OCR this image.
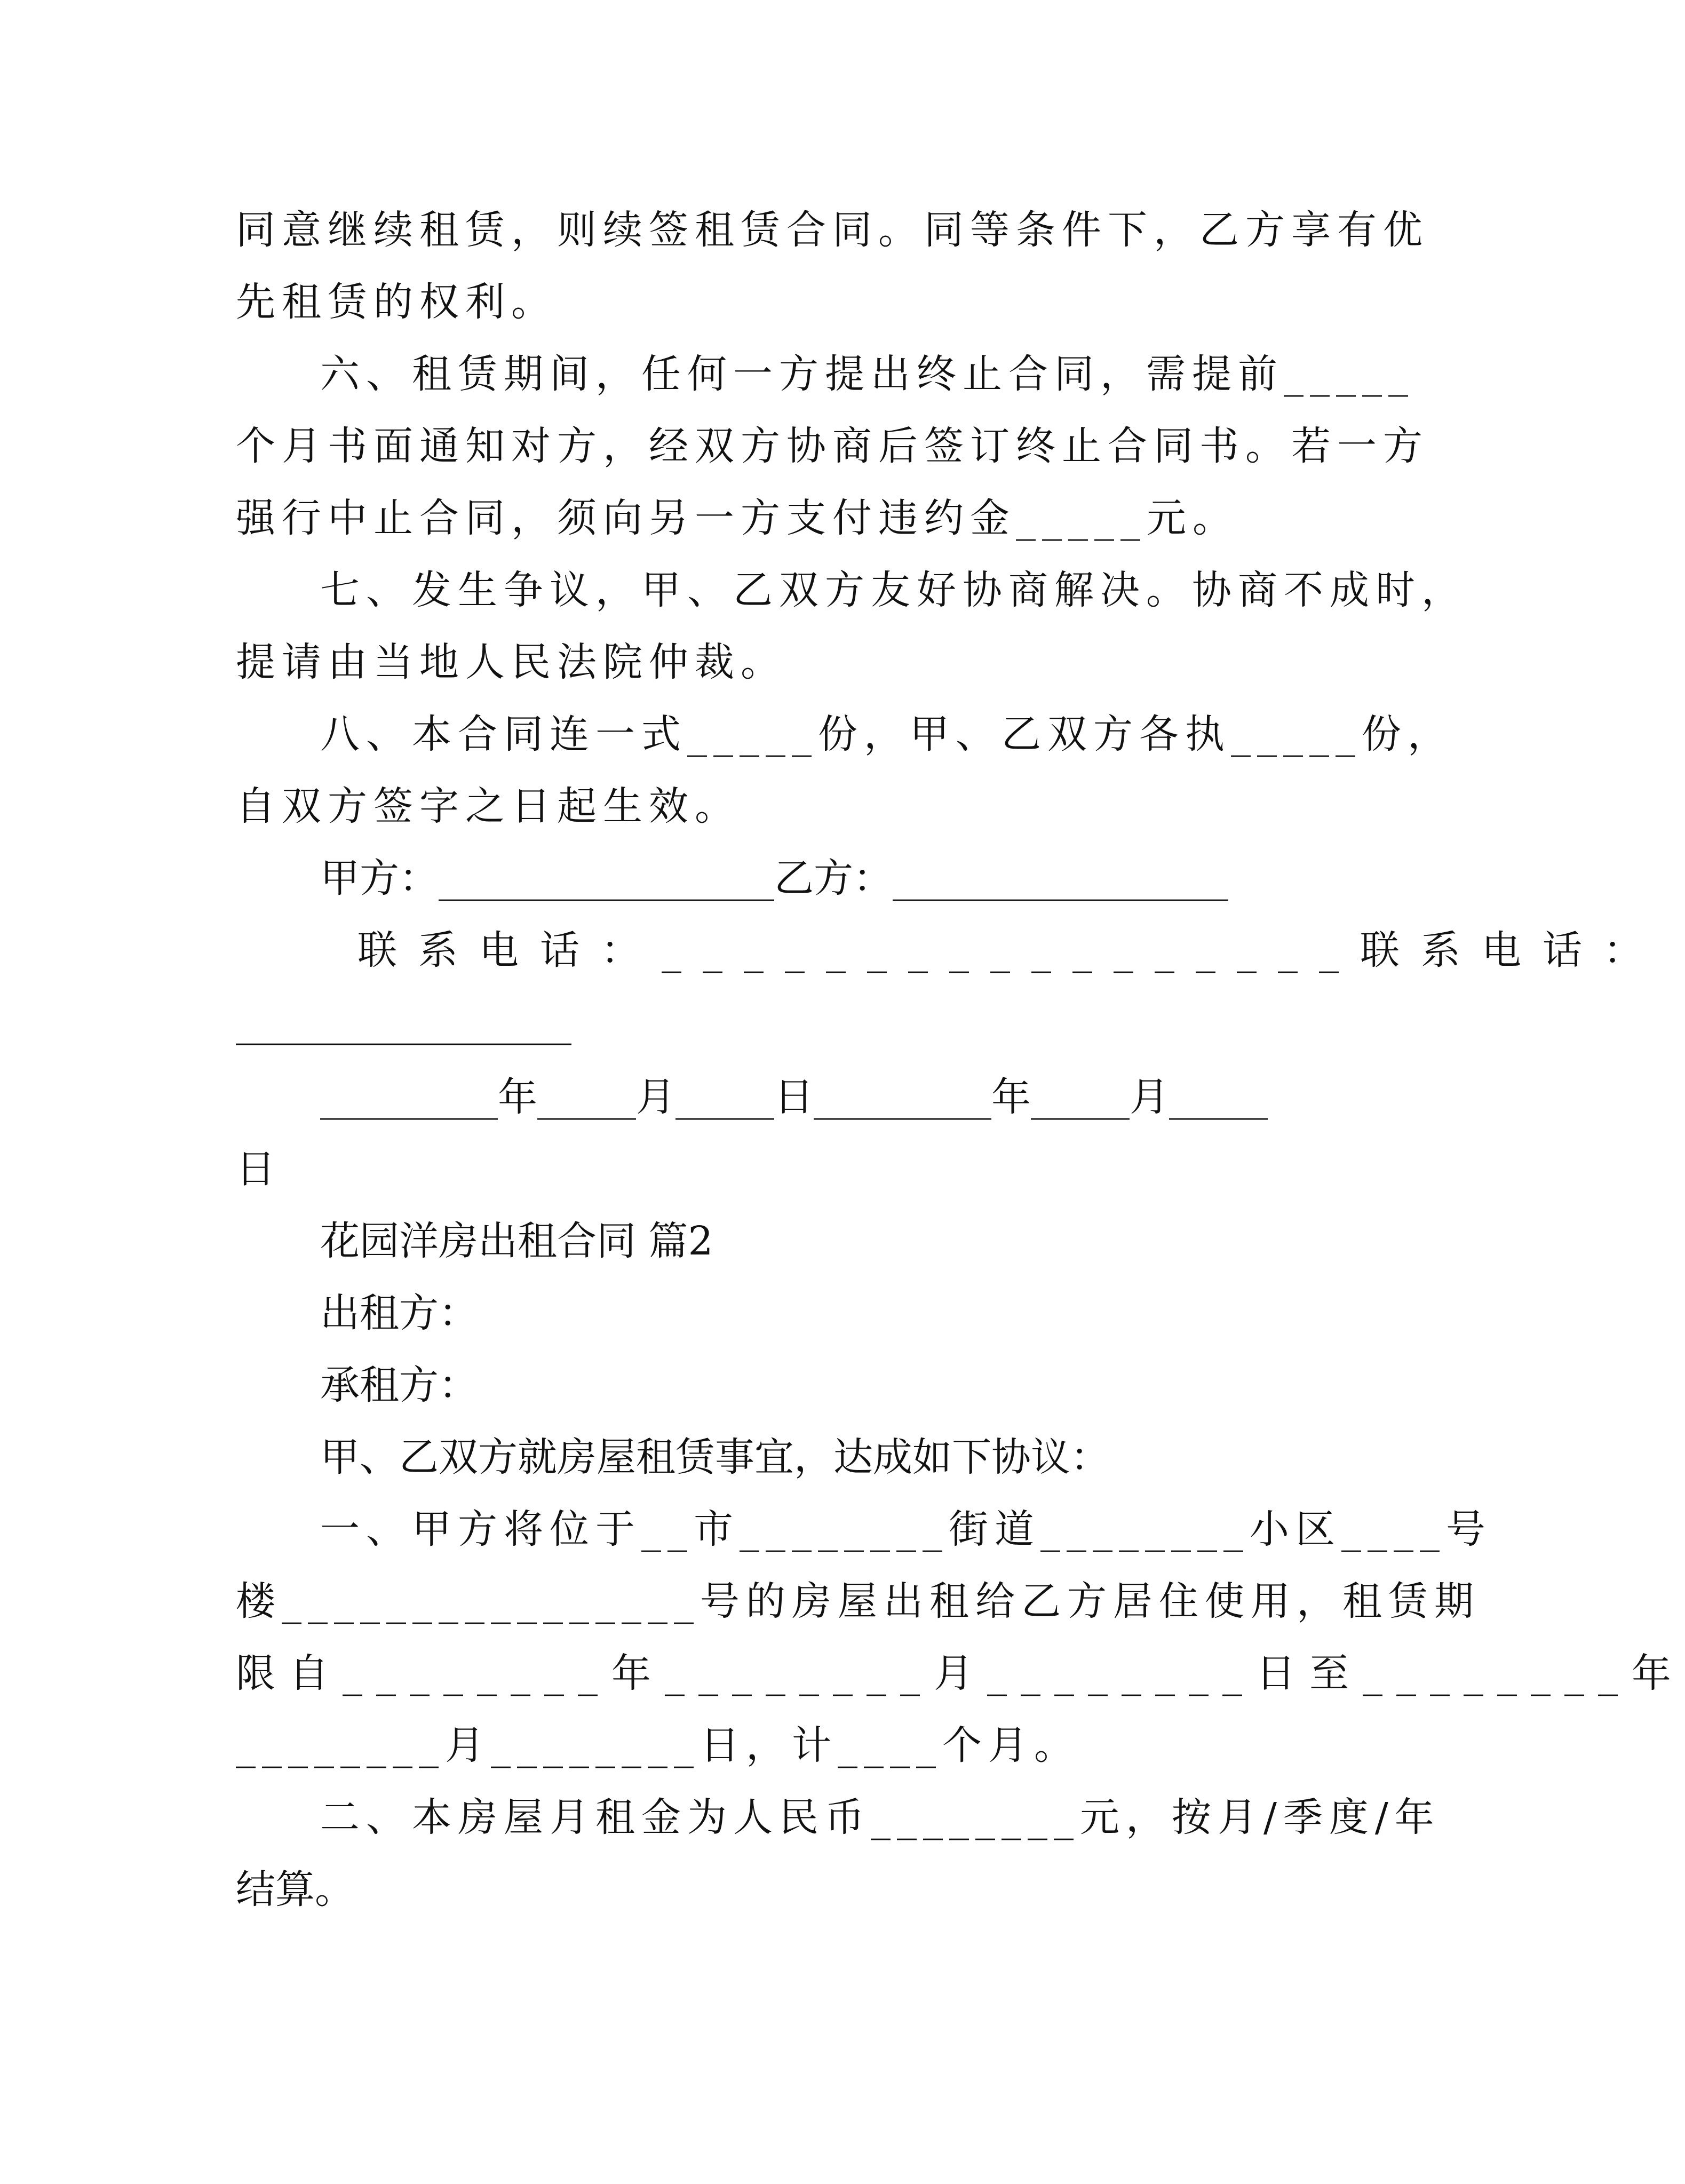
同意继续租赁，则续签租赁合同。同等条件下，乙方享有优
先租赁的权利。
六、租赁期间，任何一方提出终止合同，需提前_____
个月书面通知对方，经双方协商后签订终止合同书。若一方
强行中止合同，须向另一方支付违约金_____元。
七、发生争议，甲、乙双方友好协商解决。协商不成时，
提请由当地人民法院仲裁。
八、本合同连一式_____份，甲、乙双方各执_____份，
自双方签字之日起生效。
甲方：_________________乙方：_________________
联系电话：_________________联系电话：
_________________
_________年_____月_____日_________年_____月_____
日
花园洋房出租合同 篇2
出租方：
承租方：
甲、乙双方就房屋租赁事宜，达成如下协议：
一、甲方将位于__市________街道________小区____号
楼________________号的房屋出租给乙方居住使用，租赁期
限自________年________月________日至________年
________月________日，计____个月。
二、本房屋月租金为人民币________元，按月/季度/年
结算。
